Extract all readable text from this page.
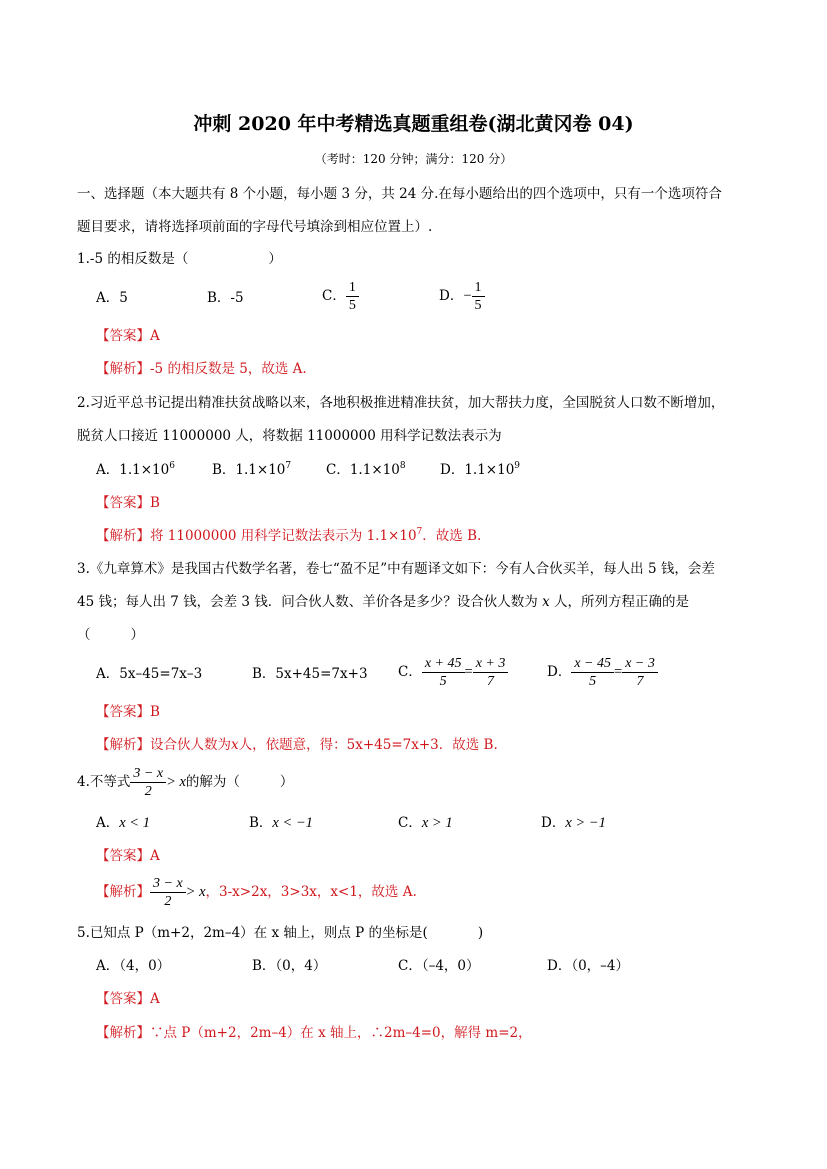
冲刺 2020 年中考精选真题重组卷(湖北黄冈卷 04)
（考时：120 分钟；满分：120 分）
一、选择题（本大题共有 8 个小题，每小题 3 分，共 24 分.在每小题给出的四个选项中，只有一个选项符合
题目要求，请将选择项前面的字母代号填涂到相应位置上）.
1.-5 的相反数是（	）
A．5	B．-5	C． $\frac{1}{5}$	D．− $\frac{1}{5}$
【答案】A
【解析】-5 的相反数是 5，故选 A.
2.习近平总书记提出精准扶贫战略以来，各地积极推进精准扶贫，加大帮扶力度，全国脱贫人口数不断增加，
脱贫人口接近 11000000 人，将数据 11000000 用科学记数法表示为
A．$1.1\times 10^6$	B．$1.1\times 10^7$	C．$1.1\times 10^8$	D．$1.1\times 10^9$
【答案】B
【解析】将 11000000 用科学记数法表示为 $1.1\times 10^7$．故选 B.
3.《九章算术》是我国古代数学名著，卷七“盈不足”中有题译文如下：今有人合伙买羊，每人出 5 钱，会差
45 钱；每人出 7 钱，会差 3 钱．问合伙人数、羊价各是多少？设合伙人数为 x 人，所列方程正确的是
（	）
A．5x–45=7x–3	B．5x+45=7x+3 C． $\frac{x + 45}{5} = \frac{x + 3}{7}$	D． $\frac{x - 45}{5} = \frac{x - 3}{7}$
【答案】B
【解析】设合伙人数为x人，依题意，得：5x+45=7x+3．故选 B.
4.不等式 $\frac{3 - x}{2} > x$的解为（	）
A．x < 1	B．x < −1	C．x > 1	D．x > −1
【答案】A
【解析】 $\frac{3 - x}{2} > x$，3-x>2x，3>3x，x<1，故选 A.
5.已知点 P（m+2，2m–4）在 x 轴上，则点 P 的坐标是(	)
A．（4，0）	B．（0，4）	C．（–4，0）	D．（0，–4）
【答案】A
【解析】∵点 P（m+2，2m–4）在 x 轴上，∴2m–4=0，解得 m=2，
